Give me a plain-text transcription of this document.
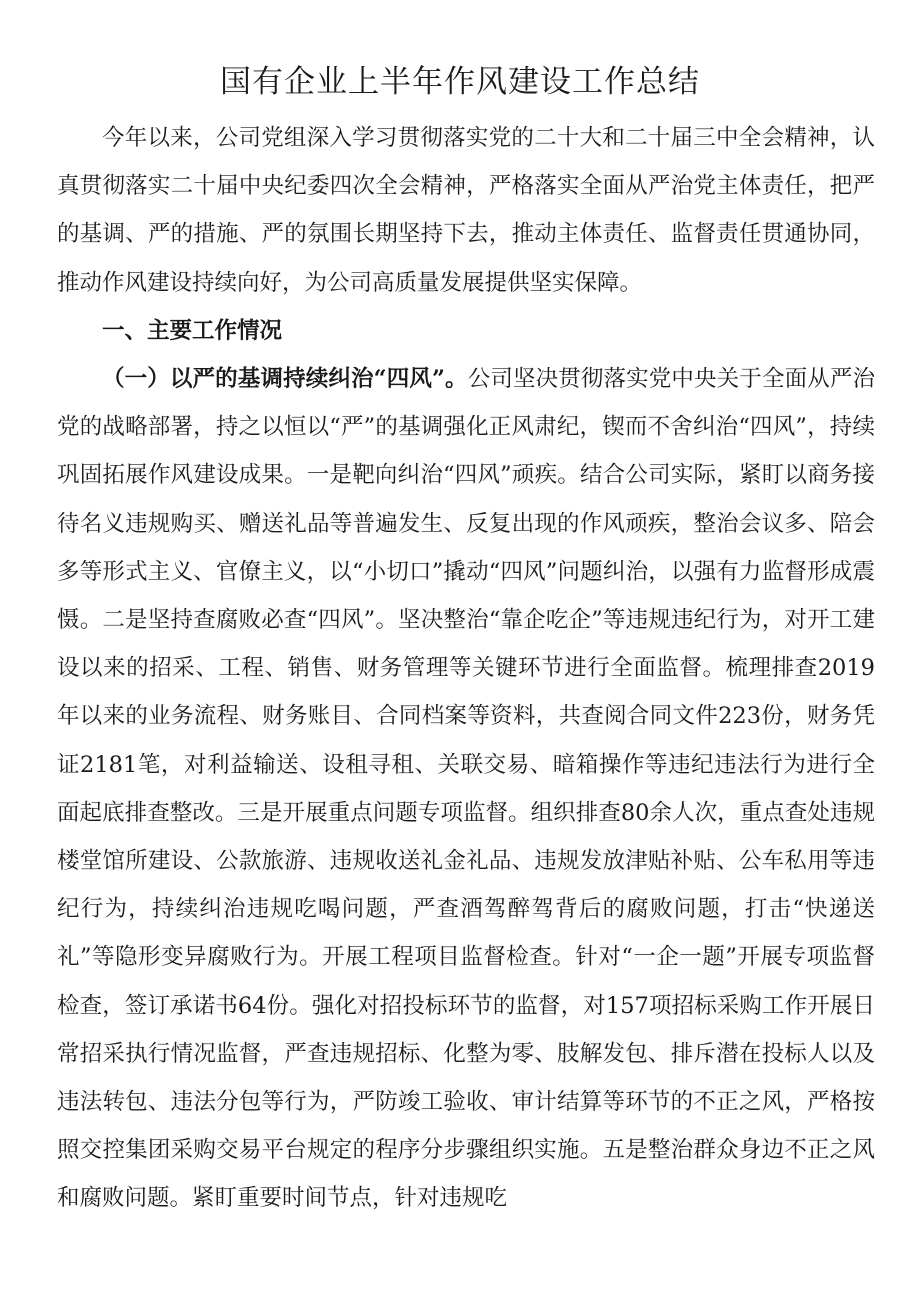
国有企业上半年作风建设工作总结

今年以来，公司党组深入学习贯彻落实党的二十大和二十届三中全会精神，认真贯彻落实二十届中央纪委四次全会精神，严格落实全面从严治党主体责任，把严的基调、严的措施、严的氛围长期坚持下去，推动主体责任、监督责任贯通协同，推动作风建设持续向好，为公司高质量发展提供坚实保障。

一、主要工作情况

（一）以严的基调持续纠治“四风”。公司坚决贯彻落实党中央关于全面从严治党的战略部署，持之以恒以“严”的基调强化正风肃纪，锲而不舍纠治“四风”，持续巩固拓展作风建设成果。一是靶向纠治“四风”顽疾。结合公司实际，紧盯以商务接待名义违规购买、赠送礼品等普遍发生、反复出现的作风顽疾，整治会议多、陪会多等形式主义、官僚主义，以“小切口”撬动“四风”问题纠治，以强有力监督形成震慑。二是坚持查腐败必查“四风”。坚决整治“靠企吃企”等违规违纪行为，对开工建设以来的招采、工程、销售、财务管理等关键环节进行全面监督。梳理排查2019年以来的业务流程、财务账目、合同档案等资料，共查阅合同文件223份，财务凭证2181笔，对利益输送、设租寻租、关联交易、暗箱操作等违纪违法行为进行全面起底排查整改。三是开展重点问题专项监督。组织排查80余人次，重点查处违规楼堂馆所建设、公款旅游、违规收送礼金礼品、违规发放津贴补贴、公车私用等违纪行为，持续纠治违规吃喝问题，严查酒驾醉驾背后的腐败问题，打击“快递送礼”等隐形变异腐败行为。开展工程项目监督检查。针对“一企一题”开展专项监督检查，签订承诺书64份。强化对招投标环节的监督，对157项招标采购工作开展日常招采执行情况监督，严查违规招标、化整为零、肢解发包、排斥潜在投标人以及违法转包、违法分包等行为，严防竣工验收、审计结算等环节的不正之风，严格按照交控集团采购交易平台规定的程序分步骤组织实施。五是整治群众身边不正之风和腐败问题。紧盯重要时间节点，针对违规吃
